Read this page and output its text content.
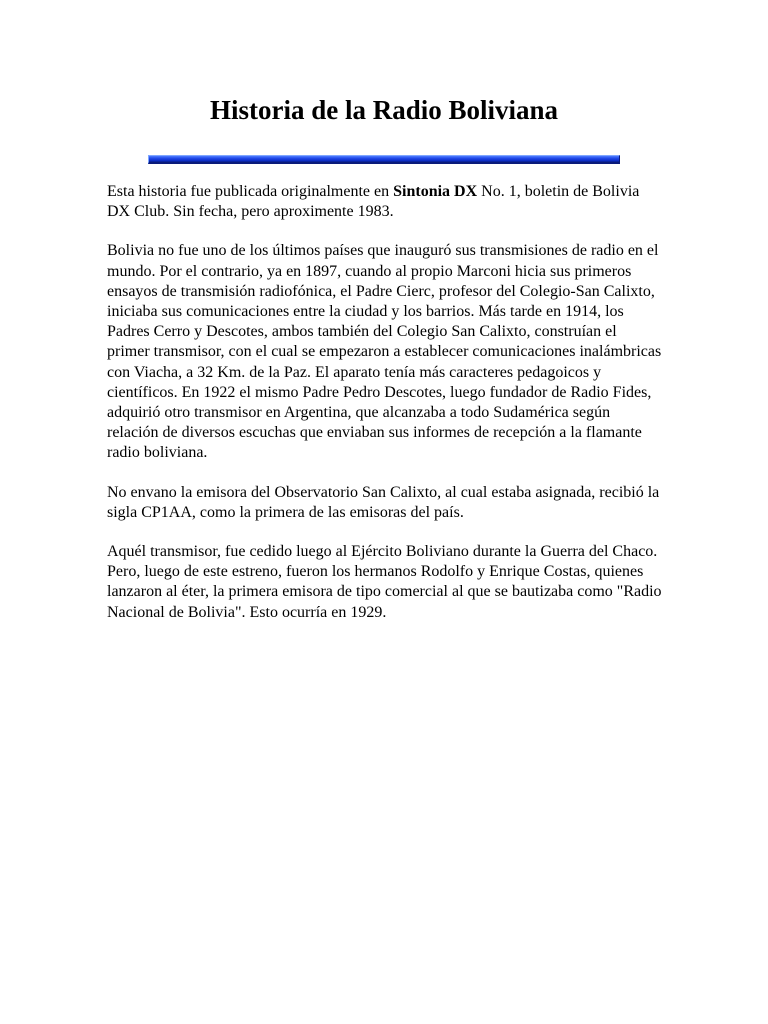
Historia de la Radio Boliviana

Esta historia fue publicada originalmente en Sintonia DX No. 1, boletin de Bolivia DX Club. Sin fecha, pero aproximente 1983.

Bolivia no fue uno de los últimos países que inauguró sus transmisiones de radio en el mundo. Por el contrario, ya en 1897, cuando al propio Marconi hicia sus primeros ensayos de transmisión radiofónica, el Padre Cierc, profesor del Colegio-San Calixto, iniciaba sus comunicaciones entre la ciudad y los barrios. Más tarde en 1914, los Padres Cerro y Descotes, ambos también del Colegio San Calixto, construían el primer transmisor, con el cual se empezaron a establecer comunicaciones inalámbricas con Viacha, a 32 Km. de la Paz. El aparato tenía más caracteres pedagoicos y científicos. En 1922 el mismo Padre Pedro Descotes, luego fundador de Radio Fides, adquirió otro transmisor en Argentina, que alcanzaba a todo Sudamérica según relación de diversos escuchas que enviaban sus informes de recepción a la flamante radio boliviana.

No envano la emisora del Observatorio San Calixto, al cual estaba asignada, recibió la sigla CP1AA, como la primera de las emisoras del país.

Aquél transmisor, fue cedido luego al Ejército Boliviano durante la Guerra del Chaco. Pero, luego de este estreno, fueron los hermanos Rodolfo y Enrique Costas, quienes lanzaron al éter, la primera emisora de tipo comercial al que se bautizaba como "Radio Nacional de Bolivia". Esto ocurría en 1929.
